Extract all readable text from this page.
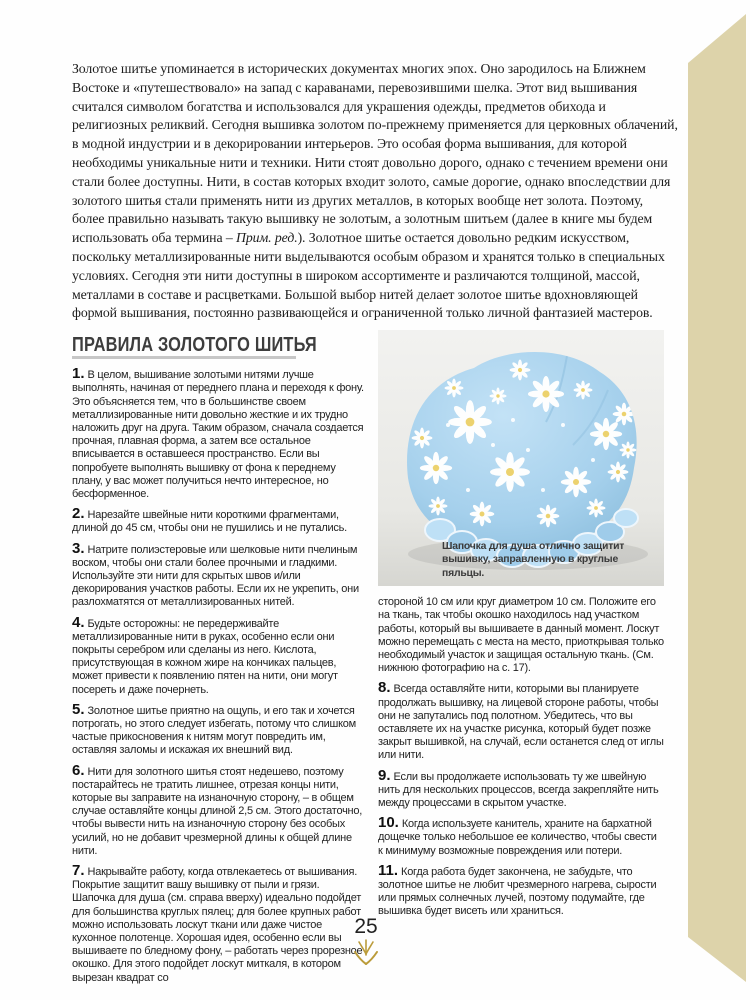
Золотое шитье упоминается в исторических документах многих эпох. Оно зародилось на Ближнем Востоке и «путешествовало» на запад с караванами, перевозившими шелка. Этот вид вышивания считался символом богатства и использовался для украшения одежды, предметов обихода и религиозных реликвий. Сегодня вышивка золотом по-прежнему применяется для церковных облачений, в модной индустрии и в декорировании интерьеров. Это особая форма вышивания, для которой необходимы уникальные нити и техники. Нити стоят довольно дорого, однако с течением времени они стали более доступны. Нити, в состав которых входит золото, самые дорогие, однако впоследствии для золотого шитья стали применять нити из других металлов, в которых вообще нет золота. Поэтому, более правильно называть такую вышивку не золотым, а золотным шитьем (далее в книге мы будем использовать оба термина – Прим. ред.). Золотное шитье остается довольно редким искусством, поскольку металлизированные нити выделываются особым образом и хранятся только в специальных условиях. Сегодня эти нити доступны в широком ассортименте и различаются толщиной, массой, металлами в составе и расцветками. Большой выбор нитей делает золотое шитье вдохновляющей формой вышивания, постоянно развивающейся и ограниченной только личной фантазией мастеров.

ПРАВИЛА ЗОЛОТОГО ШИТЬЯ

1. В целом, вышивание золотыми нитями лучше выполнять, начиная от переднего плана и переходя к фону. Это объясняется тем, что в большинстве своем металлизированные нити довольно жесткие и их трудно наложить друг на друга. Таким образом, сначала создается прочная, плавная форма, а затем все остальное вписывается в оставшееся пространство. Если вы попробуете выполнять вышивку от фона к переднему плану, у вас может получиться нечто интересное, но бесформенное.

2. Нарезайте швейные нити короткими фрагментами, длиной до 45 см, чтобы они не пушились и не путались.

3. Натрите полиэстеровые или шелковые нити пчелиным воском, чтобы они стали более прочными и гладкими. Используйте эти нити для скрытых швов и/или декорирования участков работы. Если их не укрепить, они разлохматятся от металлизированных нитей.

4. Будьте осторожны: не передерживайте металлизированные нити в руках, особенно если они покрыты серебром или сделаны из него. Кислота, присутствующая в кожном жире на кончиках пальцев, может привести к появлению пятен на нити, они могут посереть и даже почернеть.

5. Золотное шитье приятно на ощупь, и его так и хочется потрогать, но этого следует избегать, потому что слишком частые прикосновения к нитям могут повредить им, оставляя заломы и искажая их внешний вид.

6. Нити для золотного шитья стоят недешево, поэтому постарайтесь не тратить лишнее, отрезая концы нити, которые вы заправите на изнаночную сторону, – в общем случае оставляйте концы длиной 2,5 см. Этого достаточно, чтобы вывести нить на изнаночную сторону без особых усилий, но не добавит чрезмерной длины к общей длине нити.

7. Накрывайте работу, когда отвлекаетесь от вышивания. Покрытие защитит вашу вышивку от пыли и грязи. Шапочка для душа (см. справа вверху) идеально подойдет для большинства круглых пялец; для более крупных работ можно использовать лоскут ткани или даже чистое кухонное полотенце. Хорошая идея, особенно если вы вышиваете по бледному фону, – работать через прорезное окошко. Для этого подойдет лоскут миткаля, в котором вырезан квадрат со

Шапочка для душа отлично защитит вышивку, заправленную в круглые пяльцы.

стороной 10 см или круг диаметром 10 см. Положите его на ткань, так чтобы окошко находилось над участком работы, который вы вышиваете в данный момент. Лоскут можно перемещать с места на место, приоткрывая только необходимый участок и защищая остальную ткань. (См. нижнюю фотографию на с. 17).

8. Всегда оставляйте нити, которыми вы планируете продолжать вышивку, на лицевой стороне работы, чтобы они не запутались под полотном. Убедитесь, что вы оставляете их на участке рисунка, который будет позже закрыт вышивкой, на случай, если останется след от иглы или нити.

9. Если вы продолжаете использовать ту же швейную нить для нескольких процессов, всегда закрепляйте нить между процессами в скрытом участке.

10. Когда используете канитель, храните на бархатной дощечке только небольшое ее количество, чтобы свести к минимуму возможные повреждения или потери.

11. Когда работа будет закончена, не забудьте, что золотное шитье не любит чрезмерного нагрева, сырости или прямых солнечных лучей, поэтому подумайте, где вышивка будет висеть или храниться.

25
